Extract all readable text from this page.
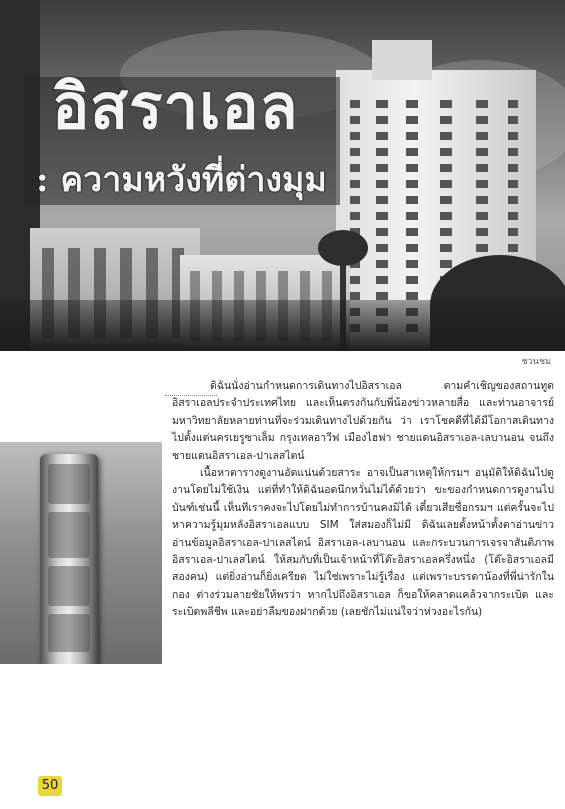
อิสราเอล
: ความหวังที่ต่างมุม
ชวนชม

ดิฉันนั่งอ่านกำหนดการเดินทางไปอิสราเอล ตามคำเชิญของสถานทูตอิสราเอลประจำประเทศไทย และเห็นตรงกันกับพี่น้องข่าวหลายสื่อ และท่านอาจารย์มหาวิทยาลัยหลายท่านที่จะร่วมเดินทางไปด้วยกัน ว่า เราโชคดีที่ได้มีโอกาสเดินทางไปตั้งแต่นครเยรูซาเล็ม กรุงเทลอาวีฟ เมืองไฮฟา ชายแดนอิสราเอล-เลบานอน จนถึงชายแดนอิสราเอล-ปาเลสไตน์

เนื้อหาตารางดูงานอัดแน่นด้วยสาระ อาจเป็นสาเหตุให้กรมฯ อนุมัติให้ดิฉันไปดูงานโดยไม่ใช้เงิน แต่ที่ทำให้ดิฉันอดนึกหวั่นไม่ได้ด้วยว่า ขะของกำหนดการดูงานไปบันฑ์เช่นนี้ เห็นทีเราคงจะไปโดยไม่ทำการบ้านคงมิได้ เดี๋ยวเสียชื่อกรมฯ แต่ครั้นจะไปหาความรู้มุมหลังอิสราเอลแบบ SIM ใส่สมองก็ไม่มี ดิฉันเลยตั้งหน้าตั้งตาอ่านข่าว อ่านข้อมูลอิสราเอล-ปาเลสไตน์ อิสราเอล-เลบานอน และกระบวนการเจรจาสันติภาพอิสราเอล-ปาเลสไตน์ ให้สมกับที่เป็นเจ้าหน้าที่โต๊ะอิสราเอลครึ่งหนึ่ง (โต๊ะอิสราเอลมีสองคน) แต่ยิ่งอ่านก็ยิ่งเครียด ไม่ใช่เพราะไม่รู้เรื่อง แต่เพราะบรรดาน้องที่พี่น่ารักในกอง ต่างร่วมลายชัยให้พรว่า หากไปถึงอิสราเอล ก็ขอให้คลาดแคล้วจากระเบิด และระเบิดพลีชีพ และอย่าลืมของฝากด้วย (เลยชักไม่แน่ใจว่าห่วงอะไรกัน)

50
